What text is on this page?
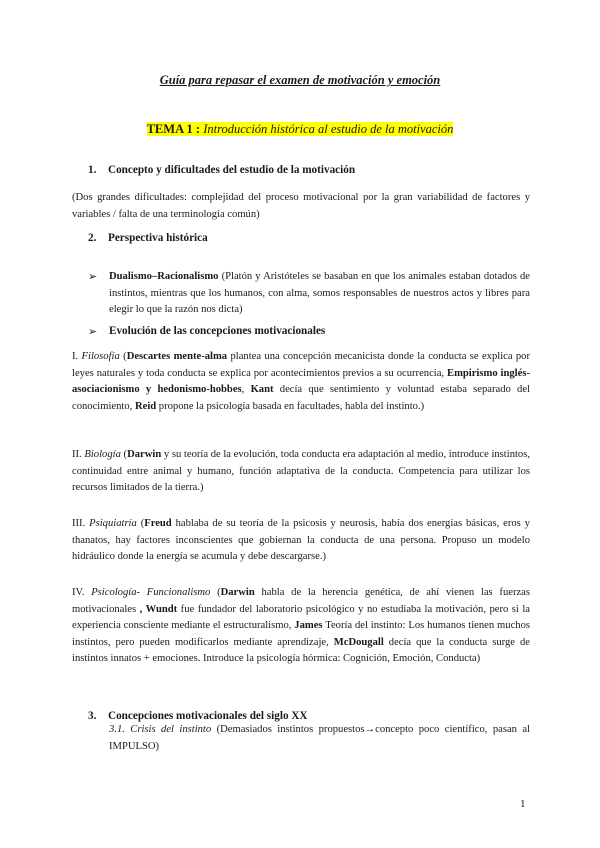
Guía para repasar el examen de motivación y emoción
TEMA 1 : Introducción histórica al estudio de la motivación
1. Concepto y dificultades del estudio de la motivación
(Dos grandes dificultades: complejidad del proceso motivacional por la gran variabilidad de factores y variables / falta de una terminología común)
2. Perspectiva histórica
➢ Dualismo–Racionalismo (Platón y Aristóteles se basaban en que los animales estaban dotados de instintos, mientras que los humanos, con alma, somos responsables de nuestros actos y libres para elegir lo que la razón nos dicta)
➢ Evolución de las concepciones motivacionales
I. Filosofía (Descartes mente-alma plantea una concepción mecanicista donde la conducta se explica por leyes naturales y toda conducta se explica por acontecimientos previos a su ocurrencia, Empirismo inglés-asociacionismo y hedonismo-hobbes, Kant decía que sentimiento y voluntad estaba separado del conocimiento, Reid propone la psicología basada en facultades, habla del instinto.)
II. Biología (Darwin y su teoría de la evolución, toda conducta era adaptación al medio, introduce instintos, continuidad entre animal y humano, función adaptativa de la conducta. Competencia para utilizar los recursos limitados de la tierra.)
III. Psiquiatría (Freud hablaba de su teoría de la psicosis y neurosis, había dos energías básicas, eros y thanatos, hay factores inconscientes que gobiernan la conducta de una persona. Propuso un modelo hidráulico donde la energía se acumula y debe descargarse.)
IV. Psicología- Funcionalismo (Darwin habla de la herencia genética, de ahí vienen las fuerzas motivacionales , Wundt fue fundador del laboratorio psicológico y no estudiaba la motivación, pero si la experiencia consciente mediante el estructuralismo, James Teoría del instinto: Los humanos tienen muchos instintos, pero pueden modificarlos mediante aprendizaje, McDougall decía que la conducta surge de instintos innatos + emociones. Introduce la psicología hórmica: Cognición, Emoción, Conducta)
3. Concepciones motivacionales del siglo XX
3.1. Crisis del instinto (Demasiados instintos propuestos→concepto poco científico, pasan al IMPULSO)
1
